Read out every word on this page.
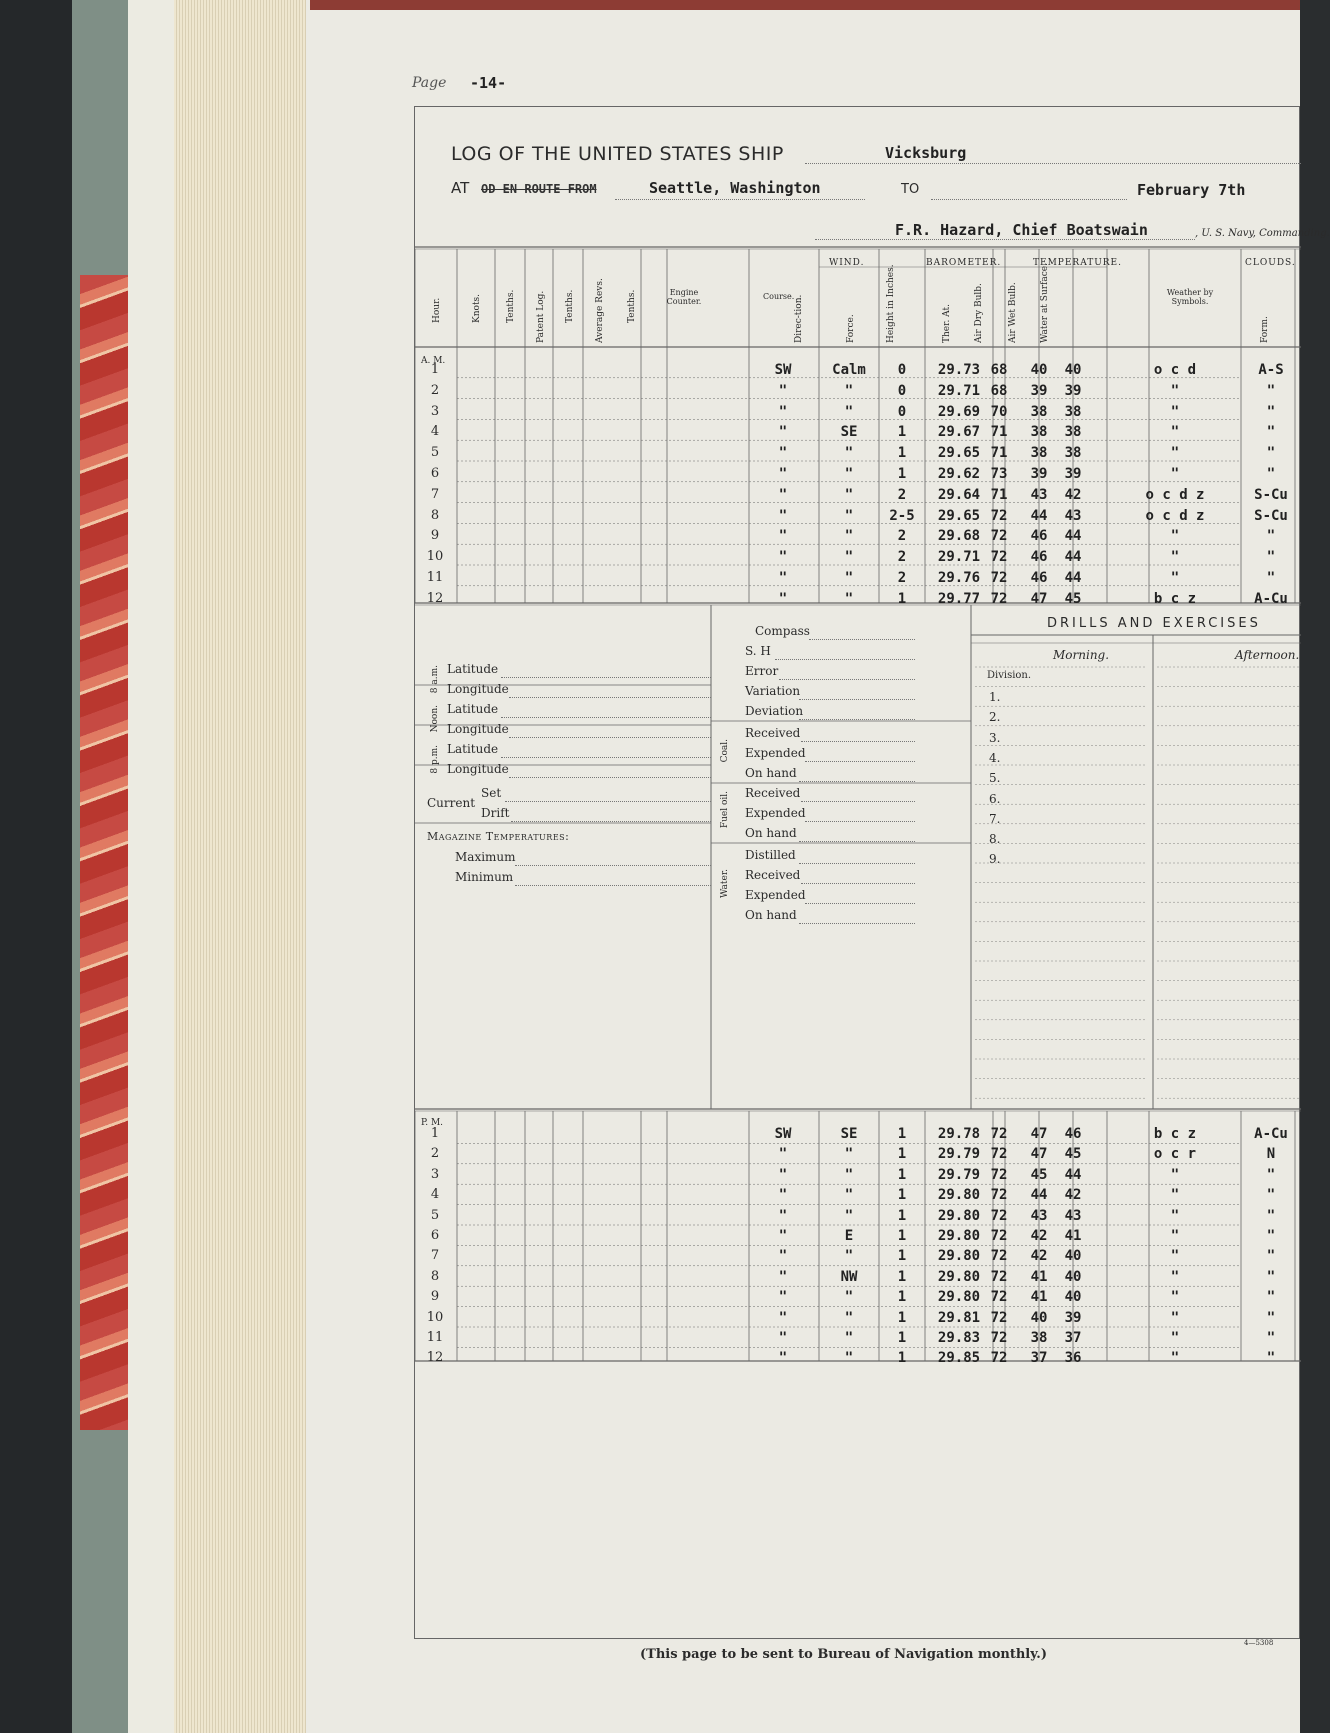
Page -14-
LOG OF THE UNITED STATES SHIP	Vicksburg
AT OD EN ROUTE FROM	Seattle, Washington	TO	February 7th
F.R. Hazard, Chief Boatswain	, U. S. Navy, Commanding.
WIND.	BAROMETER.	TEMPERATURE.	CLOUDS.
Engine Counter.
Course.	Weather by Symbols.
Hour.	Knots.	Tenths. Patent Log. Tenths. Average Revs. Tenths.	Direc-tion.	Force.	Height in Inches.	Ther. At. Air Dry Bulb.	Air Wet Bulb. Water at Surface.	Form.
A. M.
P. M.
1	SW	Calm	0	29.73 68	40	40	o c d	A-S
2	"	"	0	29.71 68	39	39	"	"
3	"	"	0	29.69 70	38	38	"	"
4	"	SE	1	29.67 71	38	38	"	"
5	"	"	1	29.65 71	38	38	"	"
6	"	"	1	29.62 73	39	39	"	"
7	"	"	2	29.64 71	43	42	o c d z	S-Cu
8	"	"	2-5	29.65 72	44	43	o c d z	S-Cu
9	"	"	2	29.68 72	46	44	"	"
10	"	"	2	29.71 72	46	44	"	"
11	"	"	2	29.76 72	46	44	"	"
12	"	"	1	29.77 72	47	45	b c z	A-Cu
1	SW	SE	1	29.78 72	47	46	b c z	A-Cu
2	"	"	1	29.79 72	47	45	o c r	N
3	"	"	1	29.79 72	45	44	"	"
4	"	"	1	29.80 72	44	42	"	"
5	"	"	1	29.80 72	43	43	"	"
6	"	E	1	29.80 72	42	41	"	"
7	"	"	1	29.80 72	42	40	"	"
8	"	NW	1	29.80 72	41	40	"	"
9	"	"	1	29.80 72	41	40	"	"
10	"	"	1	29.81 72	40	39	"	"
11	"	"	1	29.83 72	38	37	"	"
12	"	"	1	29.85 72	37	36	"	"
8 a.m. Latitude
Longitude
Noon. Latitude
Longitude
8 p.m. Latitude
Longitude
Current
Set
Drift
Magazine Temperatures:
Maximum
Minimum
Compass
S. H
Error
Variation
Deviation
Coal.
Received
Expended
On hand
Fuel oil. Received
Expended
On hand
Water.
Distilled
Received
Expended
On hand
DRILLS AND EXERCISES
Morning.	Afternoon.
Division.
1.
2.
3.
4.
5.
6.
7.
8.
9.
(This page to be sent to Bureau of Navigation monthly.)
4—5308
